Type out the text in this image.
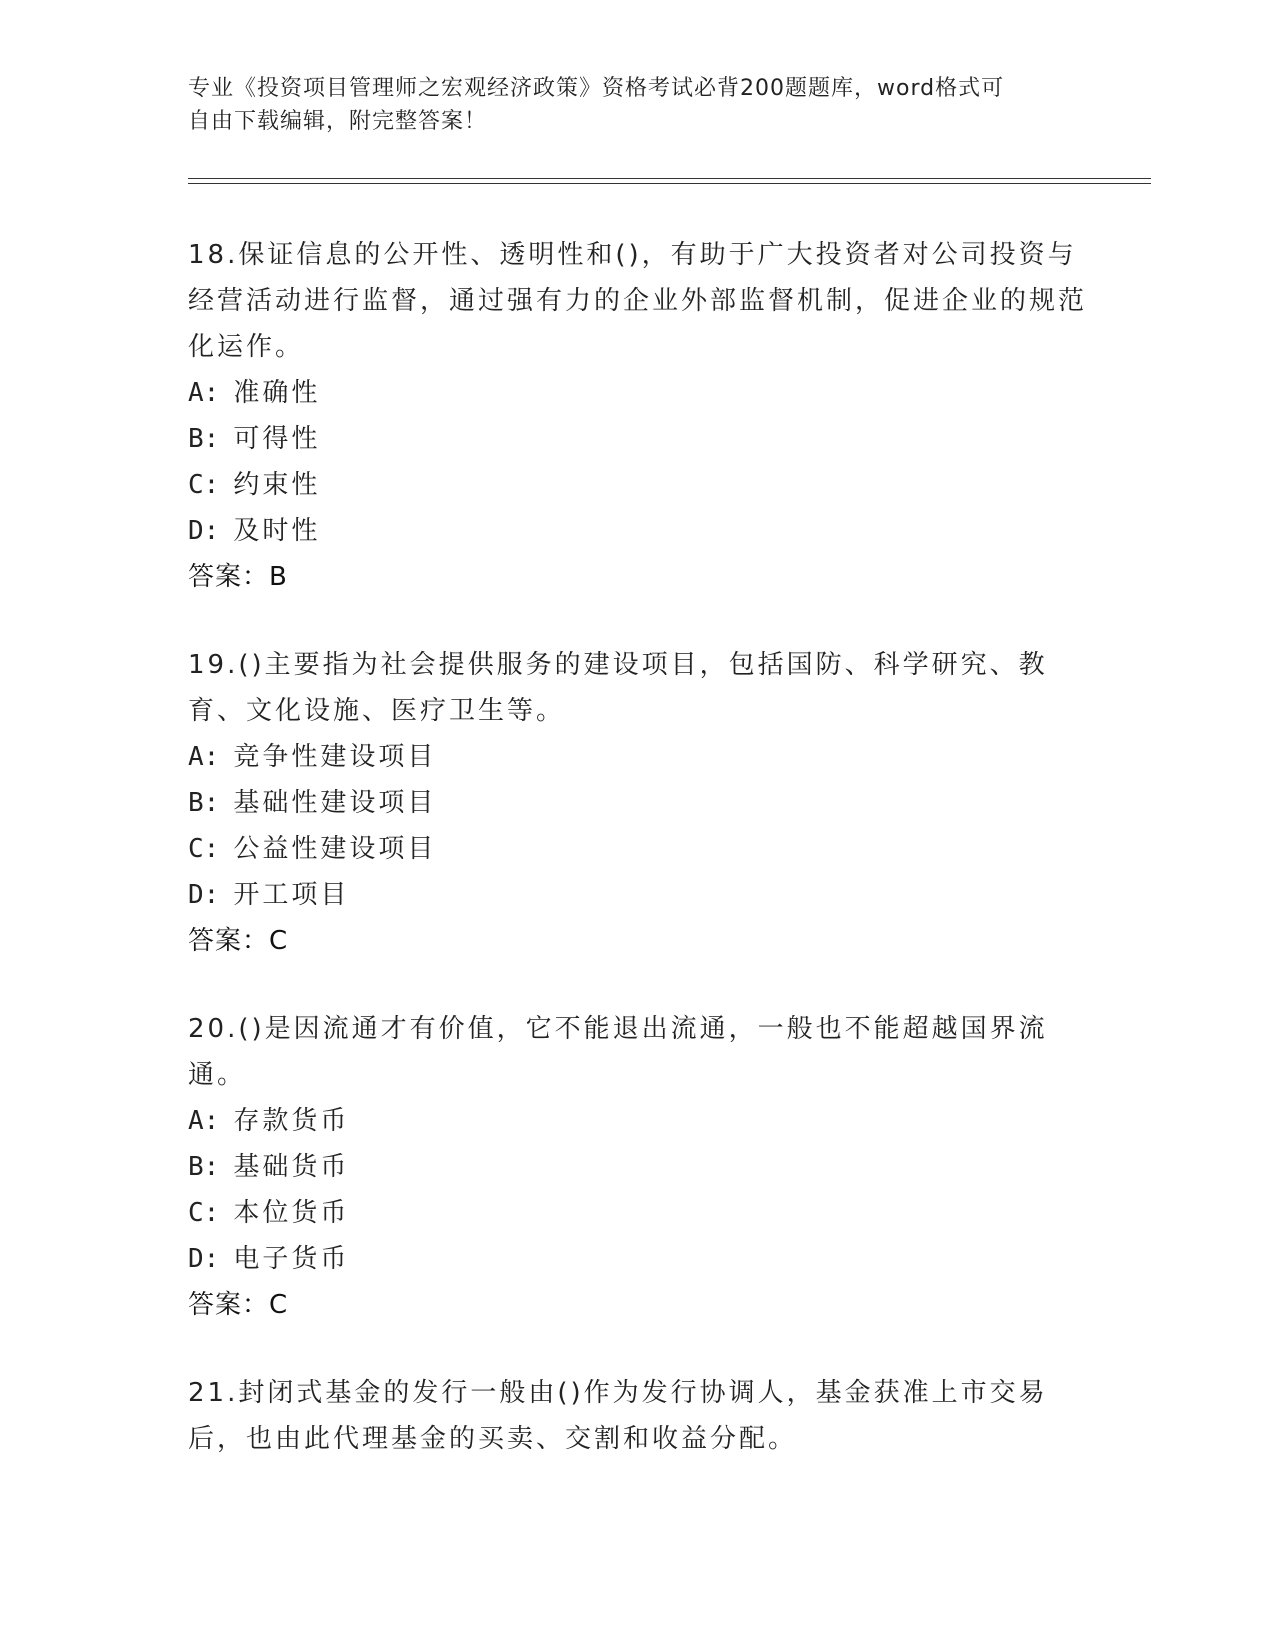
专业《投资项目管理师之宏观经济政策》资格考试必背200题题库，word格式可
自由下载编辑，附完整答案！
18.保证信息的公开性、透明性和()，有助于广大投资者对公司投资与经营活动进行监督，通过强有力的企业外部监督机制，促进企业的规范化运作。
A: 准确性
B: 可得性
C: 约束性
D: 及时性
答案：B
19.()主要指为社会提供服务的建设项目，包括国防、科学研究、教育、文化设施、医疗卫生等。
A: 竞争性建设项目
B: 基础性建设项目
C: 公益性建设项目
D: 开工项目
答案：C
20.()是因流通才有价值，它不能退出流通，一般也不能超越国界流通。
A: 存款货币
B: 基础货币
C: 本位货币
D: 电子货币
答案：C
21.封闭式基金的发行一般由()作为发行协调人，基金获准上市交易后，也由此代理基金的买卖、交割和收益分配。
